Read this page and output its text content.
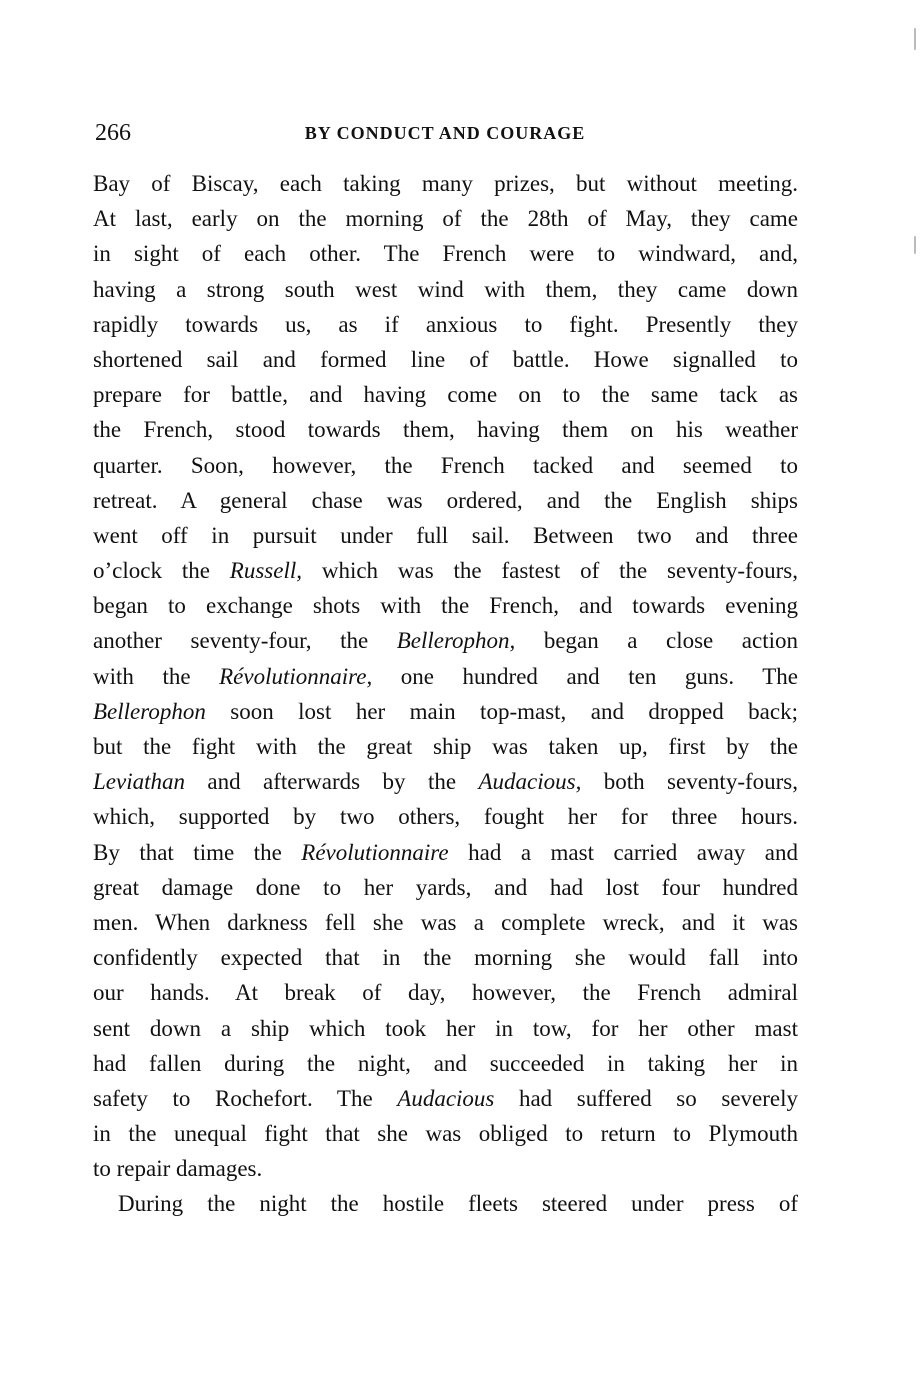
266	BY CONDUCT AND COURAGE
Bay of Biscay, each taking many prizes, but without meeting.
At last, early on the morning of the 28th of May, they came
in sight of each other. The French were to windward, and,
having a strong south west wind with them, they came down
rapidly towards us, as if anxious to fight. Presently they
shortened sail and formed line of battle. Howe signalled to
prepare for battle, and having come on to the same tack as
the French, stood towards them, having them on his weather
quarter. Soon, however, the French tacked and seemed to
retreat. A general chase was ordered, and the English ships
went off in pursuit under full sail. Between two and three
o’clock the Russell, which was the fastest of the seventy-fours,
began to exchange shots with the French, and towards evening
another seventy-four, the Bellerophon, began a close action
with the Révolutionnaire, one hundred and ten guns. The
Bellerophon soon lost her main top-mast, and dropped back;
but the fight with the great ship was taken up, first by the
Leviathan and afterwards by the Audacious, both seventy-fours,
which, supported by two others, fought her for three hours.
By that time the Révolutionnaire had a mast carried away and
great damage done to her yards, and had lost four hundred
men. When darkness fell she was a complete wreck, and it was
confidently expected that in the morning she would fall into
our hands. At break of day, however, the French admiral
sent down a ship which took her in tow, for her other mast
had fallen during the night, and succeeded in taking her in
safety to Rochefort. The Audacious had suffered so severely
in the unequal fight that she was obliged to return to Plymouth
to repair damages.
During the night the hostile fleets steered under press of
